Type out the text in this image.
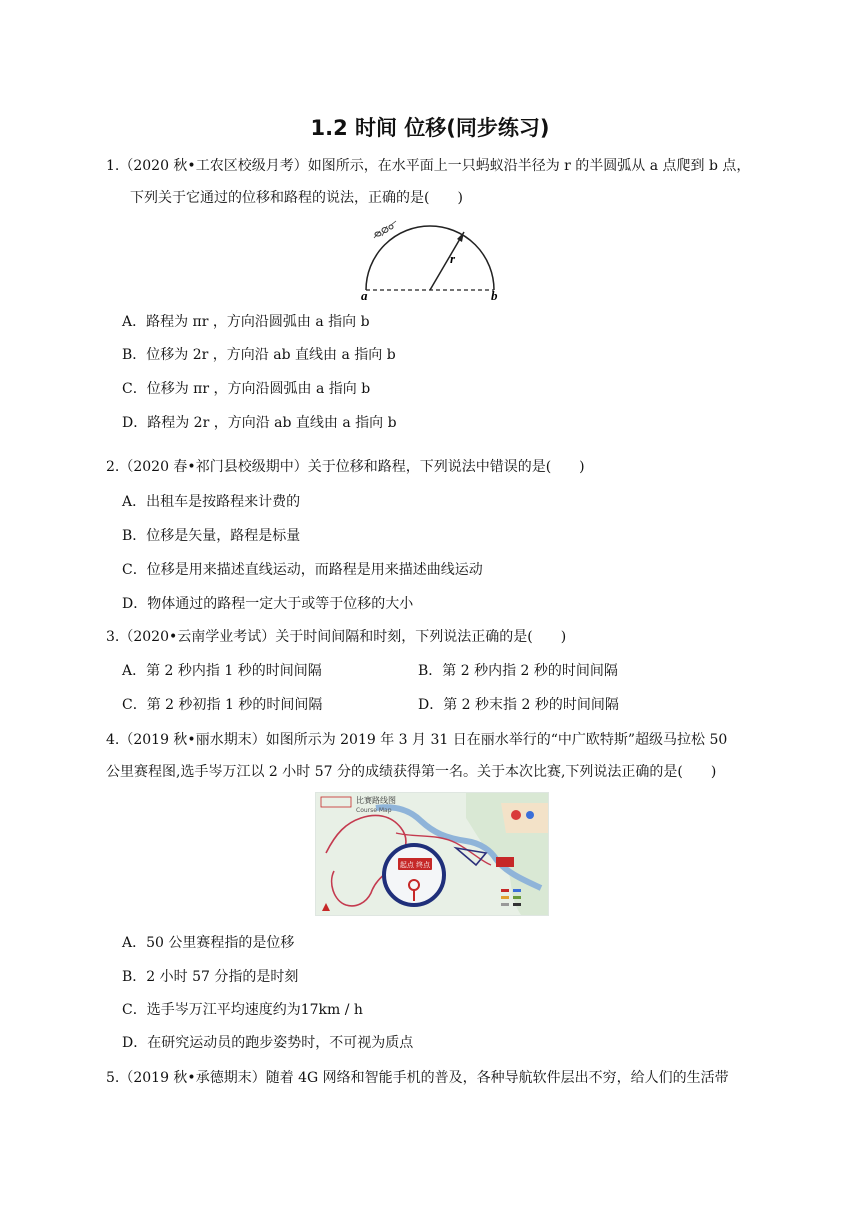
1.2 时间 位移(同步练习)
1.（2020 秋•工农区校级月考）如图所示，在水平面上一只蚂蚁沿半径为 r 的半圆弧从 a 点爬到 b 点，
下列关于它通过的位移和路程的说法，正确的是(　　)
r
a	b
A．路程为 πr ，方向沿圆弧由 a 指向 b
B．位移为 2r ，方向沿 ab 直线由 a 指向 b
C．位移为 πr ，方向沿圆弧由 a 指向 b
D．路程为 2r ，方向沿 ab 直线由 a 指向 b
2.（2020 春•祁门县校级期中）关于位移和路程，下列说法中错误的是(　　)
A．出租车是按路程来计费的
B．位移是矢量，路程是标量
C．位移是用来描述直线运动，而路程是用来描述曲线运动
D．物体通过的路程一定大于或等于位移的大小
3.（2020•云南学业考试）关于时间间隔和时刻，下列说法正确的是(　　)
A．第 2 秒内指 1 秒的时间间隔	B．第 2 秒内指 2 秒的时间间隔
C．第 2 秒初指 1 秒的时间间隔	D．第 2 秒末指 2 秒的时间间隔
4.（2019 秋•丽水期末）如图所示为 2019 年 3 月 31 日在丽水举行的“中广欧特斯”超级马拉松 50
公里赛程图,选手岑万江以 2 小时 57 分的成绩获得第一名。关于本次比赛,下列说法正确的是(　　)
起点 终点
比赛路线图
Course Map
A．50 公里赛程指的是位移
B．2 小时 57 分指的是时刻
C．选手岑万江平均速度约为17km / h
D．在研究运动员的跑步姿势时，不可视为质点
5.（2019 秋•承德期末）随着 4G 网络和智能手机的普及，各种导航软件层出不穷，给人们的生活带
